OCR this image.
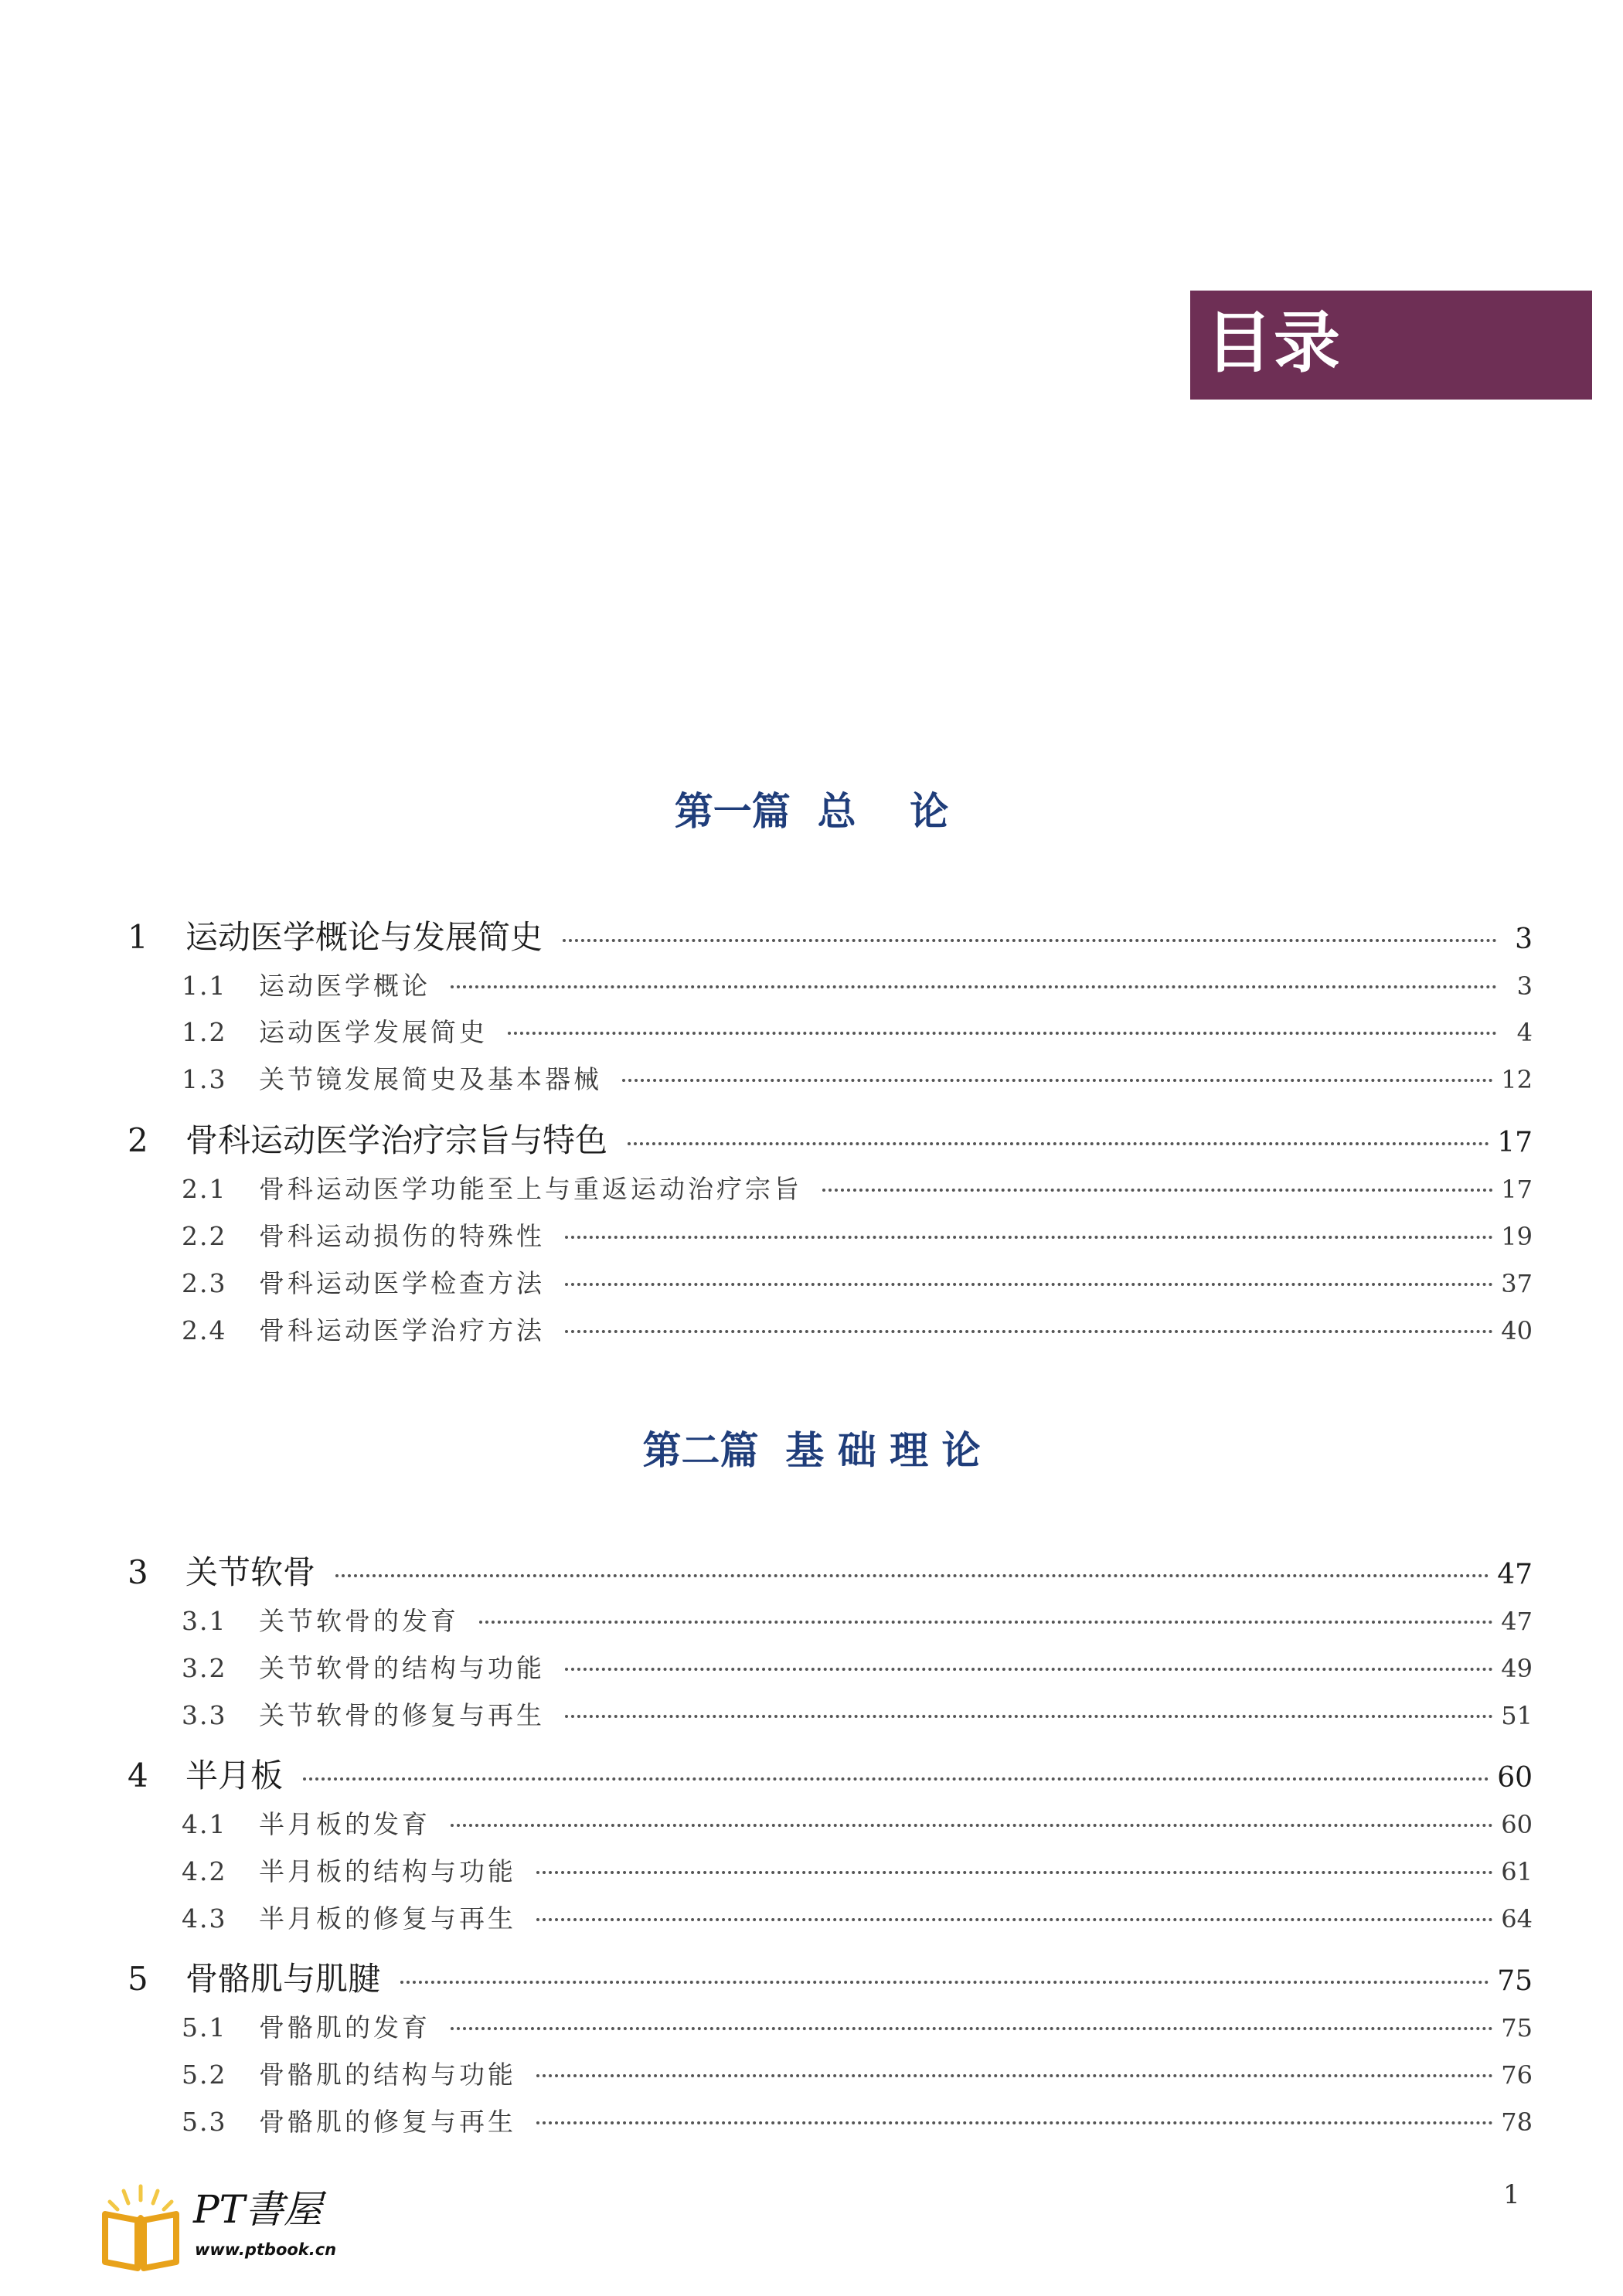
目录
第一篇  总    论
1	运动医学概论与发展简史	3
1.1	运动医学概论	3
1.2	运动医学发展简史	4
1.3	关节镜发展简史及基本器械	12
2	骨科运动医学治疗宗旨与特色	17
2.1	骨科运动医学功能至上与重返运动治疗宗旨	17
2.2	骨科运动损伤的特殊性	19
2.3	骨科运动医学检查方法	37
2.4	骨科运动医学治疗方法	40
第二篇  基 础 理 论
3	关节软骨	47
3.1	关节软骨的发育	47
3.2	关节软骨的结构与功能	49
3.3	关节软骨的修复与再生	51
4	半月板	60
4.1	半月板的发育	60
4.2	半月板的结构与功能	61
4.3	半月板的修复与再生	64
5	骨骼肌与肌腱	75
5.1	骨骼肌的发育	75
5.2	骨骼肌的结构与功能	76
5.3	骨骼肌的修复与再生	78
1
PT書屋
www.ptbook.cn
